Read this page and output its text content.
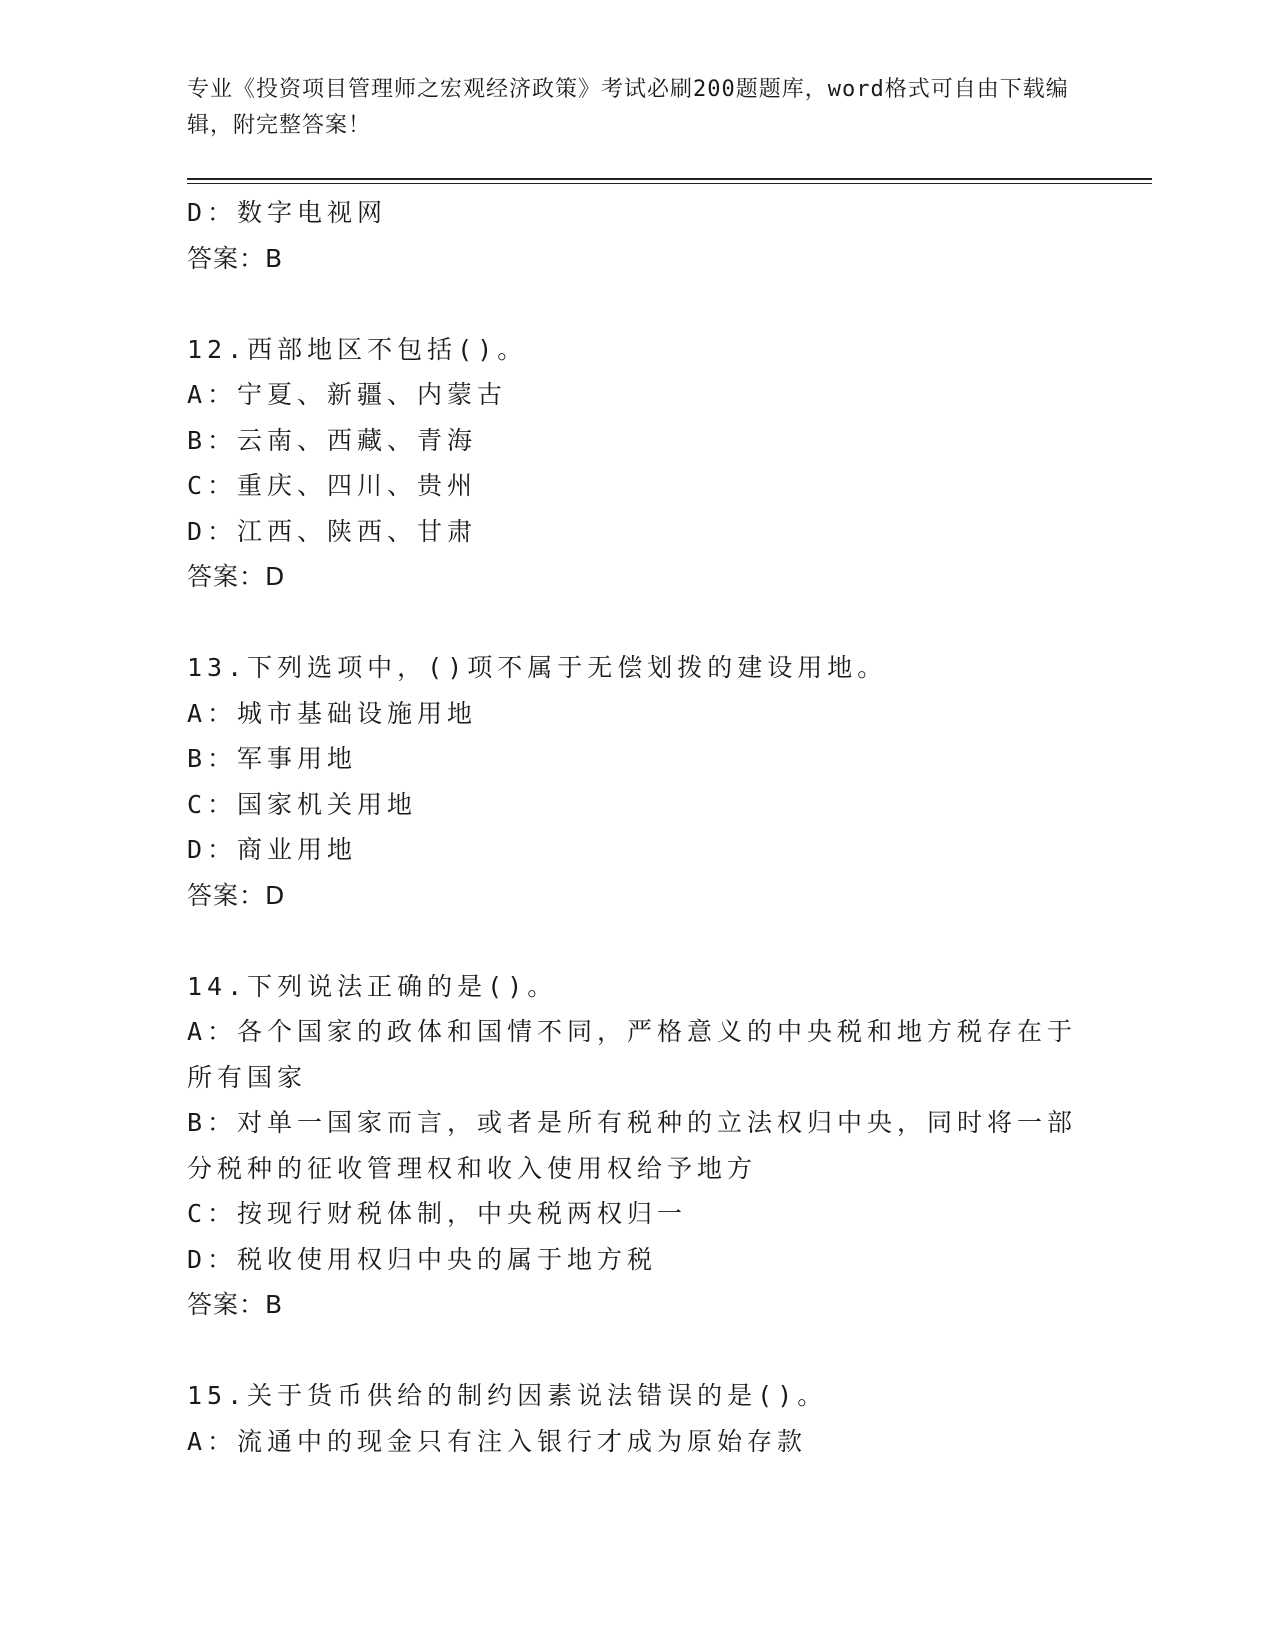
专业《投资项目管理师之宏观经济政策》考试必刷200题题库，word格式可自由下载编辑，附完整答案！
D：数字电视网
答案：B
12.西部地区不包括()。
A：宁夏、新疆、内蒙古
B：云南、西藏、青海
C：重庆、四川、贵州
D：江西、陕西、甘肃
答案：D
13.下列选项中，()项不属于无偿划拨的建设用地。
A：城市基础设施用地
B：军事用地
C：国家机关用地
D：商业用地
答案：D
14.下列说法正确的是()。
A：各个国家的政体和国情不同，严格意义的中央税和地方税存在于所有国家
B：对单一国家而言，或者是所有税种的立法权归中央，同时将一部分税种的征收管理权和收入使用权给予地方
C：按现行财税体制，中央税两权归一
D：税收使用权归中央的属于地方税
答案：B
15.关于货币供给的制约因素说法错误的是()。
A：流通中的现金只有注入银行才成为原始存款
